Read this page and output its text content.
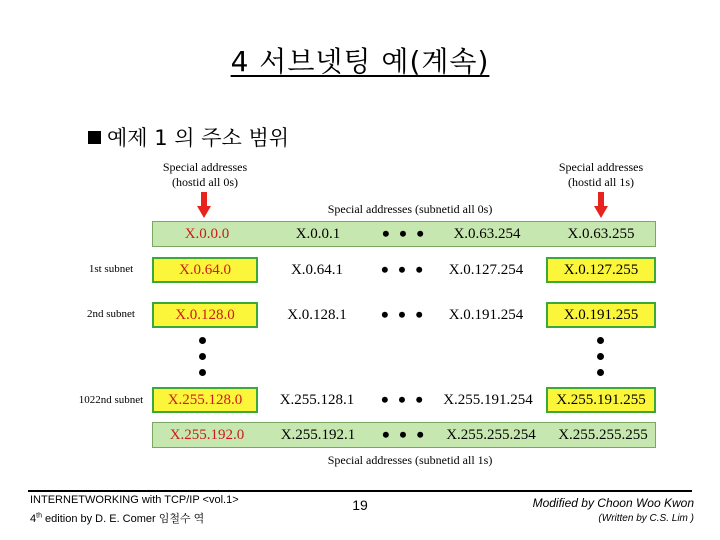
4 서브넷팅 예(계속)
예제 1 의 주소 범위
Special addresses
(hostid all 0s)
Special addresses
(hostid all 1s)
Special addresses (subnetid all 0s)
X.0.0.0	X.0.0.1	• • •	X.0.63.254	X.0.63.255
1st subnet	X.0.64.0	X.0.64.1	• • •	X.0.127.254	X.0.127.255
2nd subnet	X.0.128.0	X.0.128.1	• • •	X.0.191.254	X.0.191.255
1022nd subnet	X.255.128.0	X.255.128.1	• • •	X.255.191.254	X.255.191.255
X.255.192.0	X.255.192.1	• • •	X.255.255.254	X.255.255.255
Special addresses (subnetid all 1s)
INTERNETWORKING with TCP/IP <vol.1>
4th edition by D. E. Comer 임철수 역
19	Modified by Choon Woo Kwon
(Written by C.S. Lim )
